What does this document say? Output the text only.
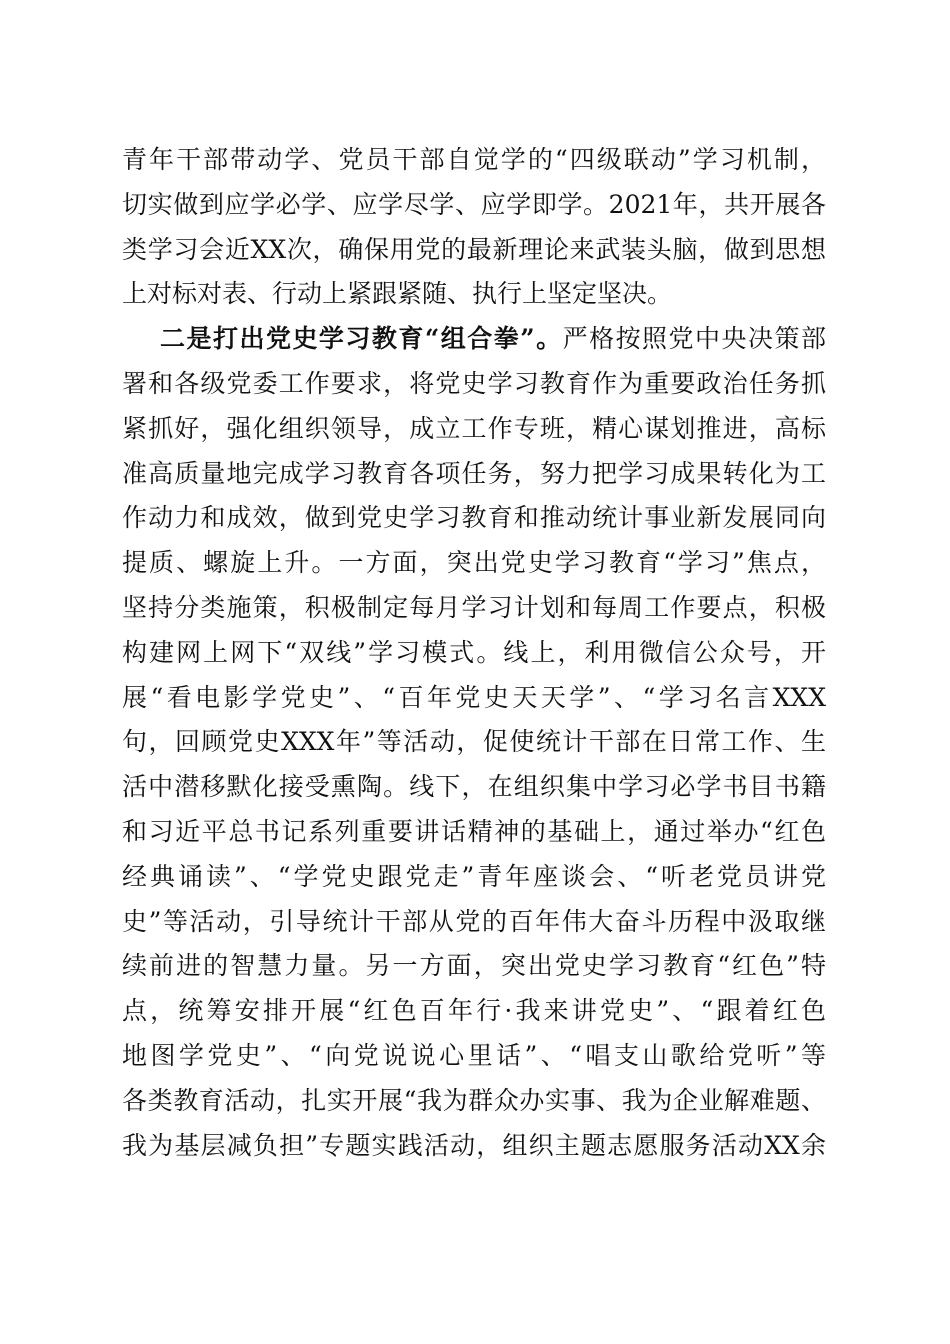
青年干部带动学、党员干部自觉学的“四级联动”学习机制，
切实做到应学必学、应学尽学、应学即学。2021年，共开展各
类学习会近XX次，确保用党的最新理论来武装头脑，做到思想
上对标对表、行动上紧跟紧随、执行上坚定坚决。
二是打出党史学习教育“组合拳”。严格按照党中央决策部
署和各级党委工作要求，将党史学习教育作为重要政治任务抓
紧抓好，强化组织领导，成立工作专班，精心谋划推进，高标
准高质量地完成学习教育各项任务，努力把学习成果转化为工
作动力和成效，做到党史学习教育和推动统计事业新发展同向
提质、螺旋上升。一方面，突出党史学习教育“学习”焦点，
坚持分类施策，积极制定每月学习计划和每周工作要点，积极
构建网上网下“双线”学习模式。线上，利用微信公众号，开
展“看电影学党史”、“百年党史天天学”、“学习名言XXX
句，回顾党史XXX年”等活动，促使统计干部在日常工作、生
活中潜移默化接受熏陶。线下，在组织集中学习必学书目书籍
和习近平总书记系列重要讲话精神的基础上，通过举办“红色
经典诵读”、“学党史跟党走”青年座谈会、“听老党员讲党
史”等活动，引导统计干部从党的百年伟大奋斗历程中汲取继
续前进的智慧力量。另一方面，突出党史学习教育“红色”特
点，统筹安排开展“红色百年行·我来讲党史”、“跟着红色
地图学党史”、“向党说说心里话”、“唱支山歌给党听”等
各类教育活动，扎实开展“我为群众办实事、我为企业解难题、
我为基层减负担”专题实践活动，组织主题志愿服务活动XX余
